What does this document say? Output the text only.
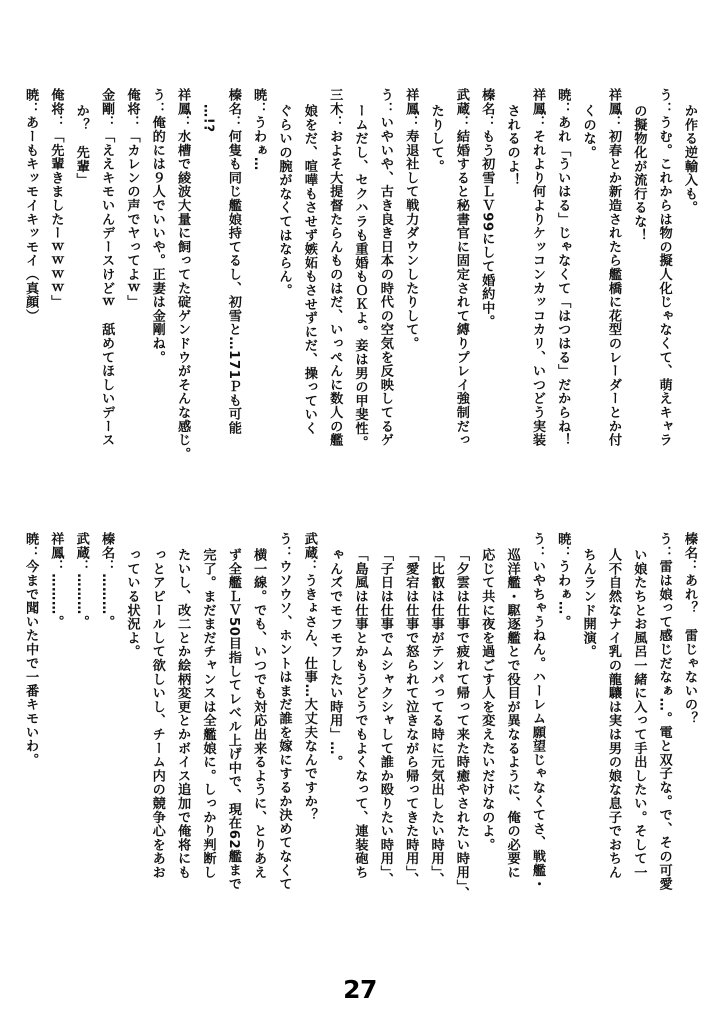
か作る逆輸入も。
う：うむ。これからは物の擬人化じゃなくて、萌えキャラ
の擬物化が流行るな！
祥鳳：初春とか新造されたら艦橋に花型のレーダーとか付
くのな。
暁：あれ「ういはる」じゃなくて「はつはる」だからね！
祥鳳：それより何よりケッコンカッコカリ、いつどう実装
されるのよ！
榛名：もう初雪ＬＶ99にして婚約中。
武蔵：結婚すると秘書官に固定されて縛りプレイ強制だっ
たりして。
祥鳳：寿退社して戦力ダウンしたりして。
う：いやいや、古き良き日本の時代の空気を反映してるゲ
ームだし、セクハラも重婚もＯＫよ。妾は男の甲斐性。
三木：およそ大提督たらんものはだ、いっぺんに数人の艦
娘をだ、喧嘩もさせず嫉妬もさせずにだ、操っていく
ぐらいの腕がなくてはならん。
暁：うわぁ…
榛名：何隻も同じ艦娘持てるし、初雪と…171Ｐも可能
…!?
祥鳳：水槽で綾波大量に飼ってた碇ゲンドウがそんな感じ。
う：俺的には９人でいいや。正妻は金剛ね。
俺将：「カレンの声でヤってよｗ」
金剛：「ええキモいんデースけどｗ　舐めてほしいデース
か？　先輩」
俺将：「先輩きましたーｗｗｗｗ」
暁：あーもキッモイキッモイ（真顔）
榛名：あれ？　雷じゃないの？
う：雷は娘って感じだなぁ…。電と双子な。で、その可愛
い娘たちとお風呂一緒に入って手出したい。そして一
人不自然なナイ乳の龍驤は実は男の娘な息子でおちん
ちんランド開演。
暁：うわぁ…。
う：いやちゃうねん。ハーレム願望じゃなくてさ、戦艦・
巡洋艦・駆逐艦とで役目が異なるように、俺の必要に
応じて共に夜を過ごす人を変えたいだけなのよ。
「夕雲は仕事で疲れて帰って来た時癒やされたい時用」、
「比叡は仕事がテンパってる時に元気出したい時用」、
「愛宕は仕事で怒られて泣きながら帰ってきた時用」、
「子日は仕事でムシャクシャして誰か殴りたい時用」、
「島風は仕事とかもうどうでもよくなって、連装砲ち
ゃんズでモフモフしたい時用」…。
武蔵：うきょさん、仕事…大丈夫なんですか？
う：ウソウソ、ホントはまだ誰を嫁にするか決めてなくて
横一線。でも、いつでも対応出来るように、とりあえ
ず全艦ＬＶ50目指してレベル上げ中で、現在62艦まで
完了。まだまだチャンスは全艦娘に。しっかり判断し
たいし、改二とか絵柄変更とかボイス追加で俺将にも
っとアピールして欲しいし、チーム内の競争心をあお
っている状況よ。
榛名：………。
武蔵：………。
祥鳳：………。
暁：今まで聞いた中で一番キモいわ。
27
